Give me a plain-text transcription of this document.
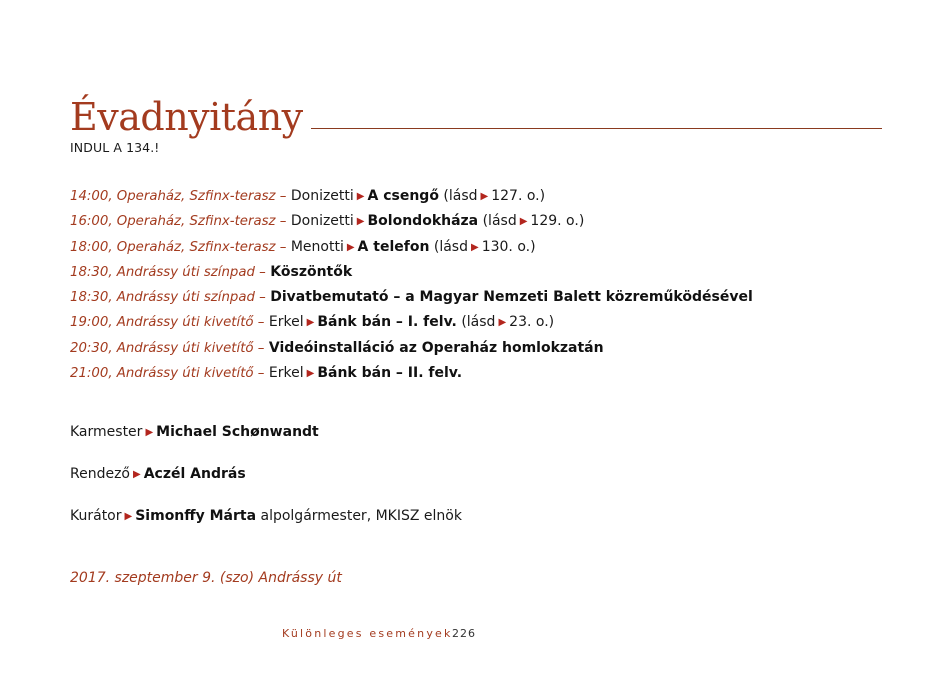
Évadnyitány
INDUL A 134.!
14:00, Operaház, Szfinx-terasz – Donizetti ▶ A csengő (lásd ▶ 127. o.)
16:00, Operaház, Szfinx-terasz – Donizetti ▶ Bolondokháza (lásd ▶ 129. o.)
18:00, Operaház, Szfinx-terasz – Menotti ▶ A telefon (lásd ▶ 130. o.)
18:30, Andrássy úti színpad – Köszöntők
18:30, Andrássy úti színpad – Divatbemutató – a Magyar Nemzeti Balett közreműködésével
19:00, Andrássy úti kivetítő – Erkel ▶ Bánk bán – I. felv. (lásd ▶ 23. o.)
20:30, Andrássy úti kivetítő – Videóinstalláció az Operaház homlokzatán
21:00, Andrássy úti kivetítő – Erkel ▶ Bánk bán – II. felv.
Karmester ▶ Michael Schønwandt
Rendező ▶ Aczél András
Kurátor ▶ Simonffy Márta alpolgármester, MKISZ elnök
2017. szeptember 9. (szo) Andrássy út
Különleges események 226
